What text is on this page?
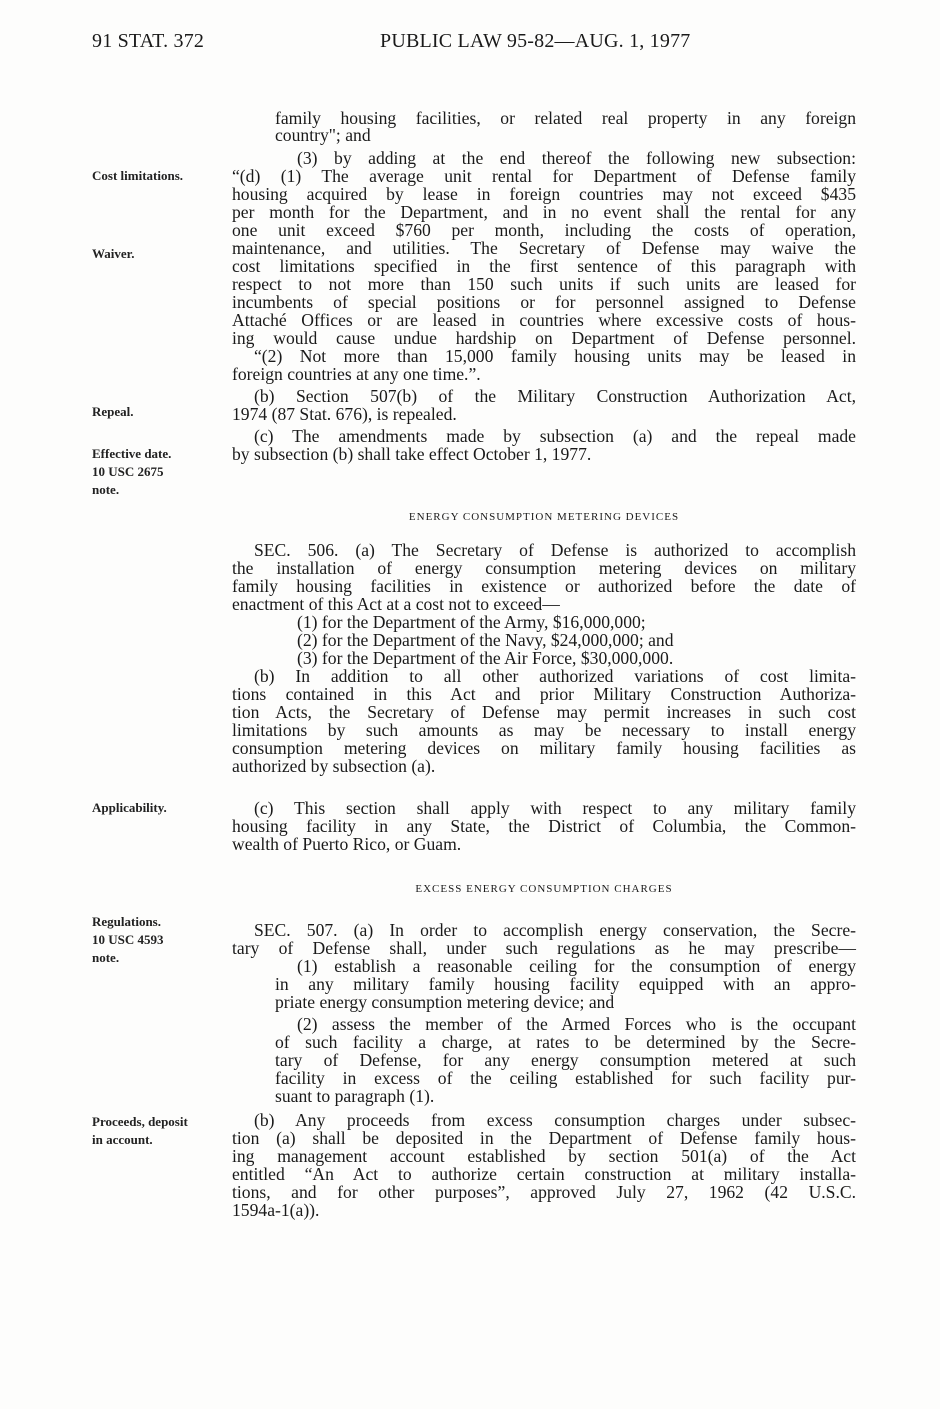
91 STAT. 372	PUBLIC LAW 95-82—AUG. 1, 1977
ENERGY CONSUMPTION METERING DEVICES
EXCESS ENERGY CONSUMPTION CHARGES
family housing facilities, or related real property in any foreign
country"; and
(3) by adding at the end thereof the following new subsection:
“(d) (1) The average unit rental for Department of Defense family
housing acquired by lease in foreign countries may not exceed $435
per month for the Department, and in no event shall the rental for any
one unit exceed $760 per month, including the costs of operation,
maintenance, and utilities. The Secretary of Defense may waive the
cost limitations specified in the first sentence of this paragraph with
respect to not more than 150 such units if such units are leased for
incumbents of special positions or for personnel assigned to Defense
Attaché Offices or are leased in countries where excessive costs of hous-
ing would cause undue hardship on Department of Defense personnel.
“(2) Not more than 15,000 family housing units may be leased in
foreign countries at any one time.”.
(b) Section 507(b) of the Military Construction Authorization Act,
1974 (87 Stat. 676), is repealed.
(c) The amendments made by subsection (a) and the repeal made
by subsection (b) shall take effect October 1, 1977.
SEC. 506. (a) The Secretary of Defense is authorized to accomplish
the installation of energy consumption metering devices on military
family housing facilities in existence or authorized before the date of
enactment of this Act at a cost not to exceed—
(1) for the Department of the Army, $16,000,000;
(2) for the Department of the Navy, $24,000,000; and
(3) for the Department of the Air Force, $30,000,000.
(b) In addition to all other authorized variations of cost limita-
tions contained in this Act and prior Military Construction Authoriza-
tion Acts, the Secretary of Defense may permit increases in such cost
limitations by such amounts as may be necessary to install energy
consumption metering devices on military family housing facilities as
authorized by subsection (a).
(c) This section shall apply with respect to any military family
housing facility in any State, the District of Columbia, the Common-
wealth of Puerto Rico, or Guam.
SEC. 507. (a) In order to accomplish energy conservation, the Secre-
tary of Defense shall, under such regulations as he may prescribe—
(1) establish a reasonable ceiling for the consumption of energy
in any military family housing facility equipped with an appro-
priate energy consumption metering device; and
(2) assess the member of the Armed Forces who is the occupant
of such facility a charge, at rates to be determined by the Secre-
tary of Defense, for any energy consumption metered at such
facility in excess of the ceiling established for such facility pur-
suant to paragraph (1).
(b) Any proceeds from excess consumption charges under subsec-
tion (a) shall be deposited in the Department of Defense family hous-
ing management account established by section 501(a) of the Act
entitled “An Act to authorize certain construction at military installa-
tions, and for other purposes”, approved July 27, 1962 (42 U.S.C.
1594a-1(a)).
Cost limitations.
Waiver.
Repeal.
Effective date.
10 USC 2675
note.
Applicability.
Regulations.
10 USC 4593
note.
Proceeds, deposit
in account.
